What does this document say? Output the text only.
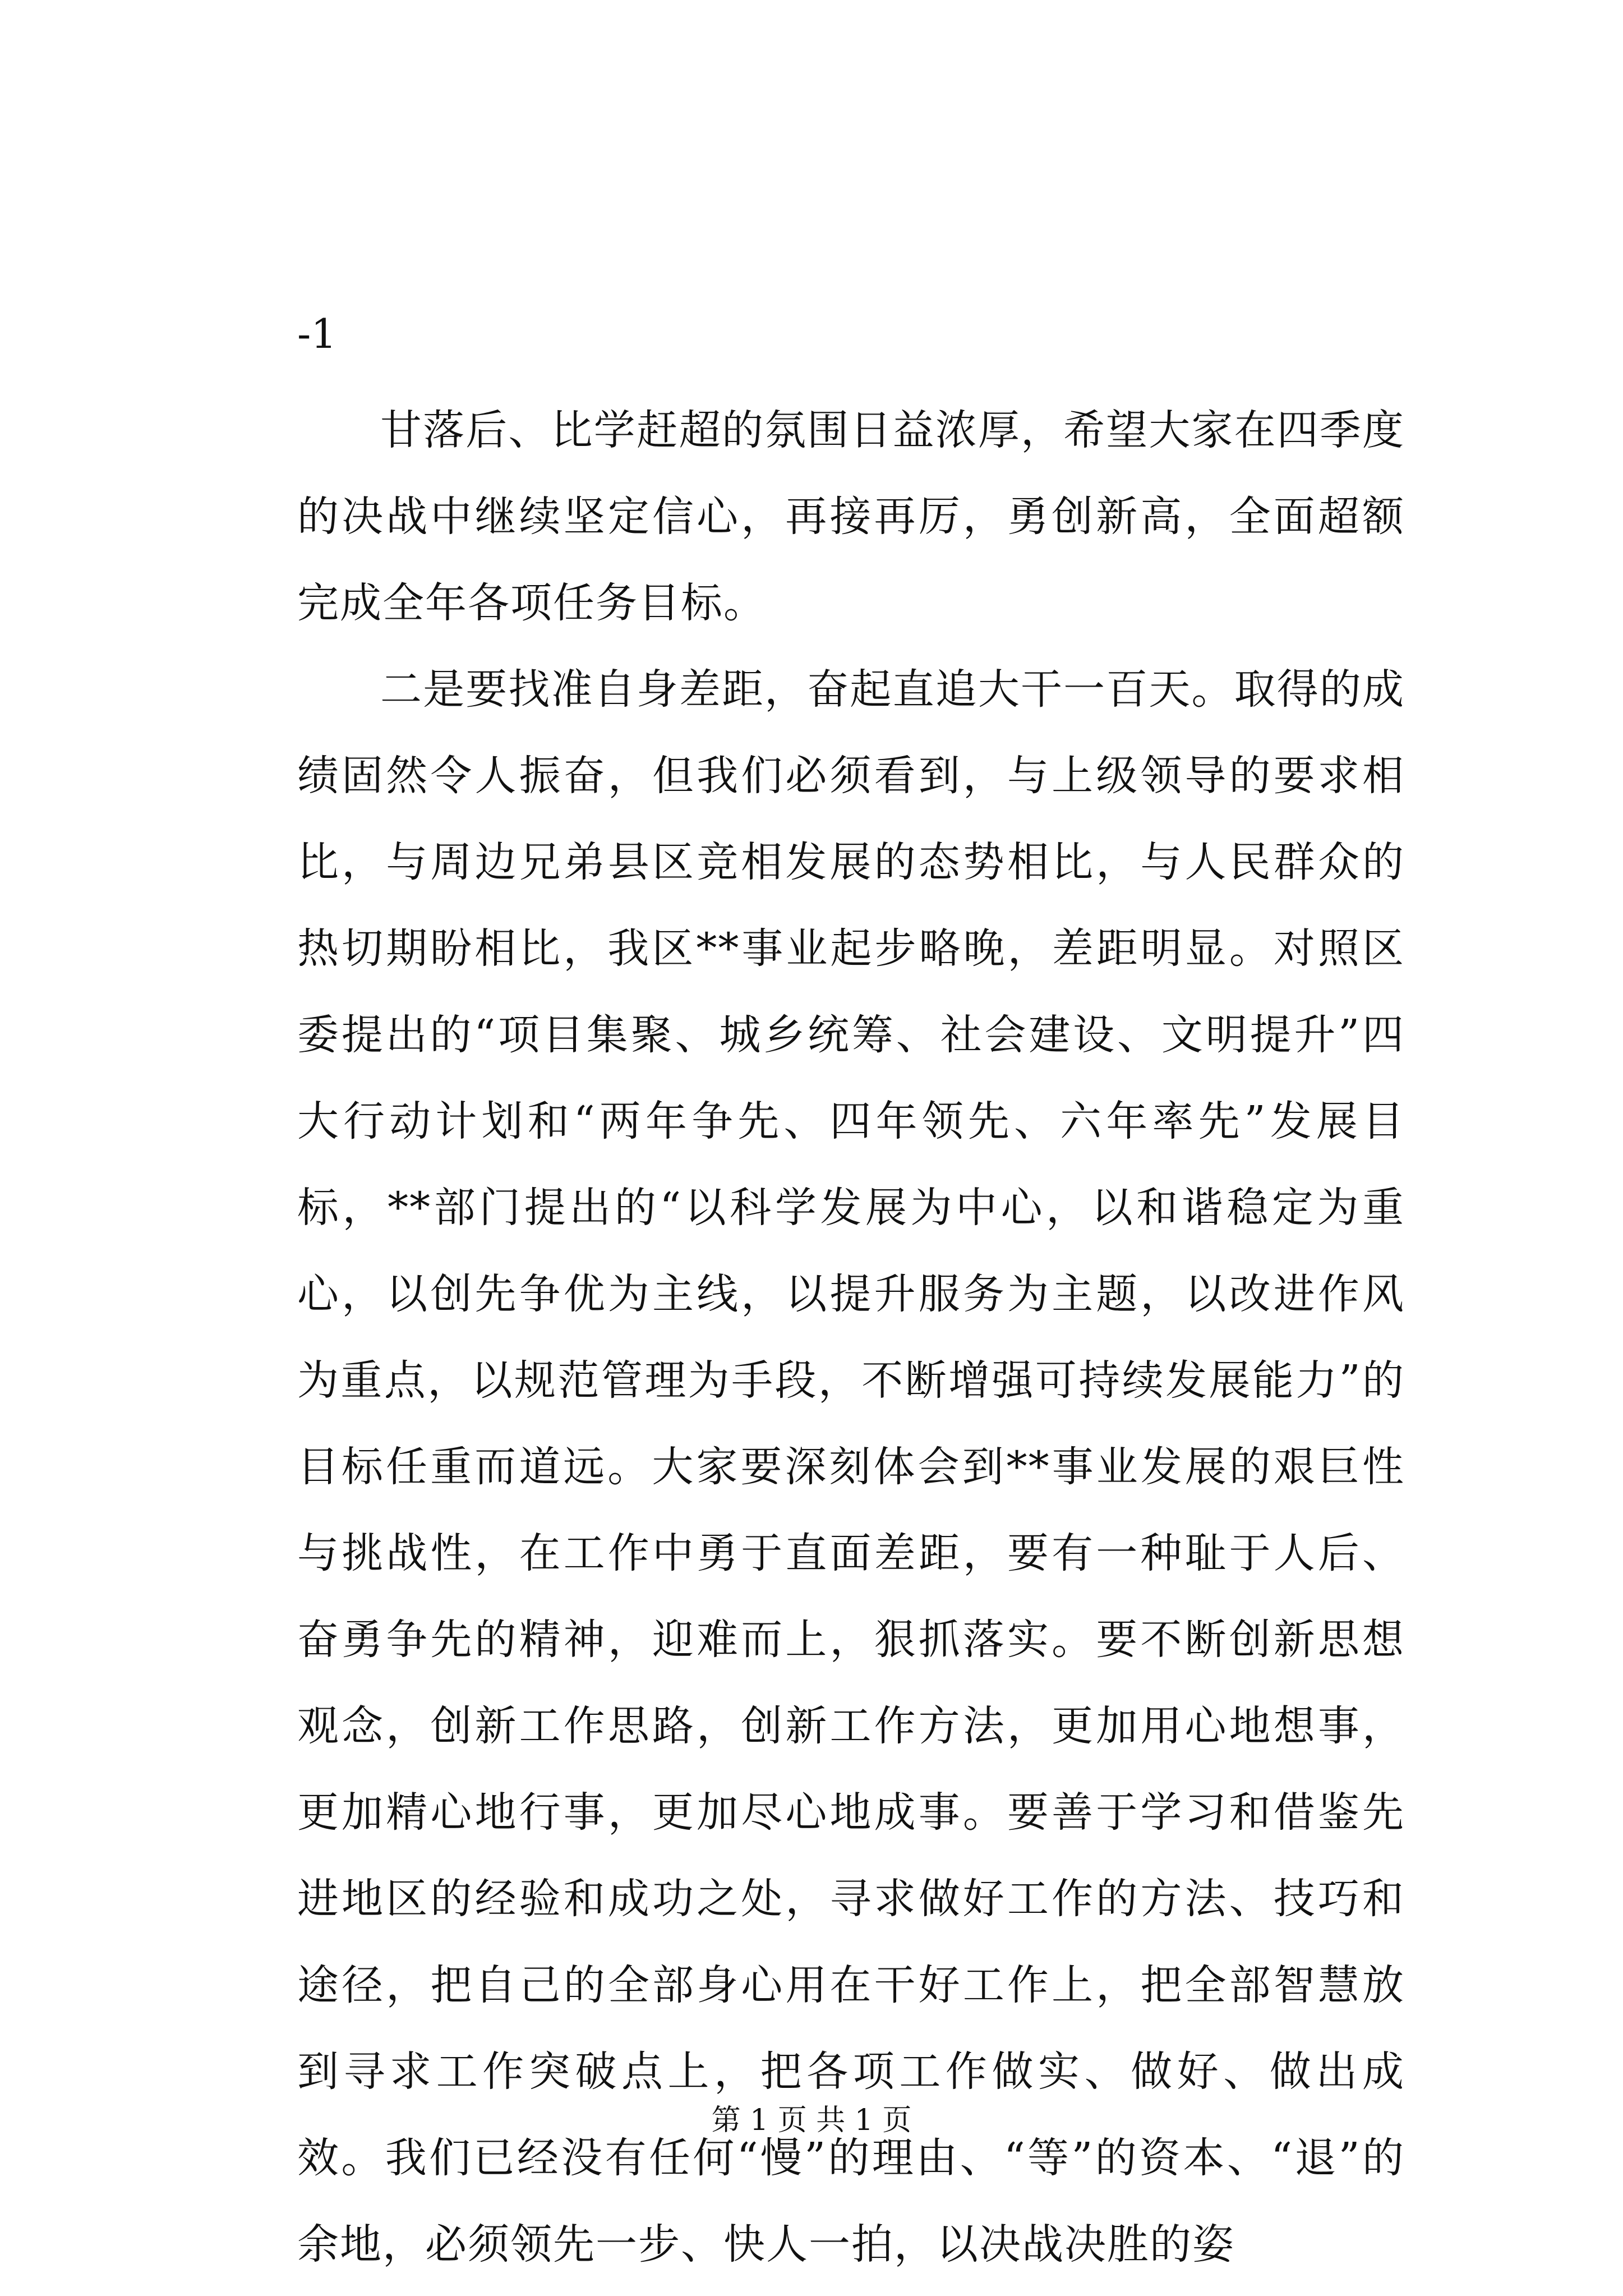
-1

甘落后、比学赶超的氛围日益浓厚，希望大家在四季度的决战中继续坚定信心，再接再厉，勇创新高，全面超额完成全年各项任务目标。

二是要找准自身差距，奋起直追大干一百天。取得的成绩固然令人振奋，但我们必须看到，与上级领导的要求相比，与周边兄弟县区竞相发展的态势相比，与人民群众的热切期盼相比，我区**事业起步略晚，差距明显。对照区委提出的“项目集聚、城乡统筹、社会建设、文明提升”四大行动计划和“两年争先、四年领先、六年率先”发展目标，**部门提出的“以科学发展为中心，以和谐稳定为重心，以创先争优为主线，以提升服务为主题，以改进作风为重点，以规范管理为手段，不断增强可持续发展能力”的目标任重而道远。大家要深刻体会到**事业发展的艰巨性与挑战性，在工作中勇于直面差距，要有一种耻于人后、奋勇争先的精神，迎难而上，狠抓落实。要不断创新思想观念，创新工作思路，创新工作方法，更加用心地想事，更加精心地行事，更加尽心地成事。要善于学习和借鉴先进地区的经验和成功之处，寻求做好工作的方法、技巧和途径，把自己的全部身心用在干好工作上，把全部智慧放到寻求工作突破点上，把各项工作做实、做好、做出成效。我们已经没有任何“慢”的理由、“等”的资本、“退”的余地，必须领先一步、快人一拍，以决战决胜的姿

第 1 页 共 1 页
